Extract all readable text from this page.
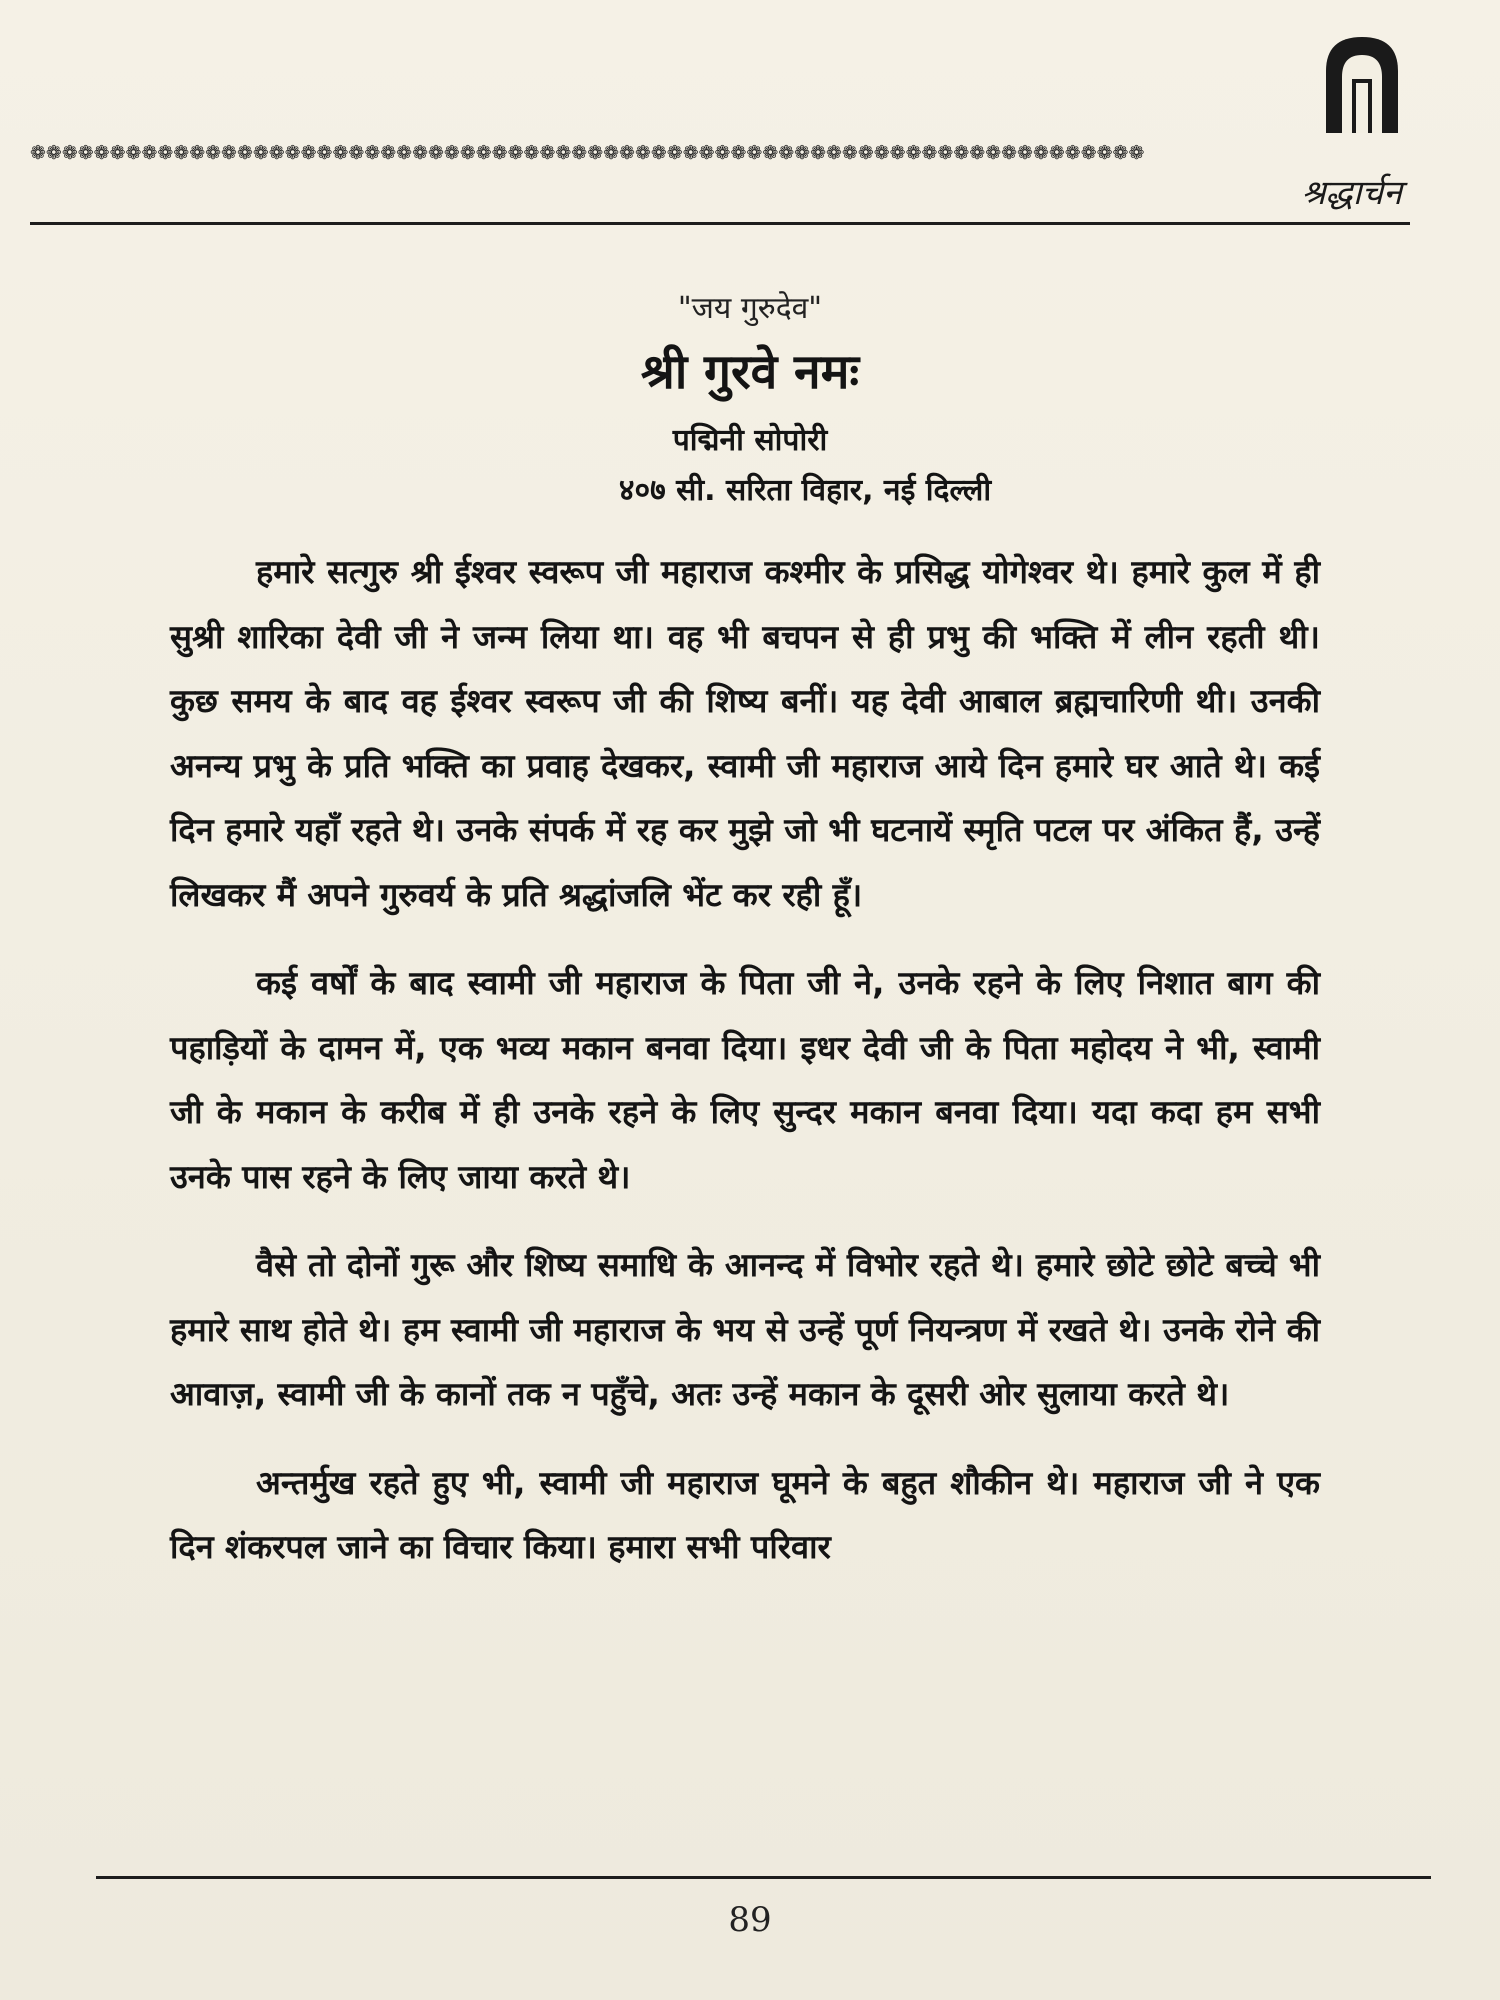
❁❁❁❁❁❁❁❁❁❁❁❁❁❁❁❁❁❁❁❁❁❁❁❁❁❁❁❁❁❁❁❁❁❁❁❁❁❁❁❁❁❁❁❁❁❁❁❁❁❁❁❁❁❁❁❁❁❁❁❁❁❁❁❁❁❁❁❁❁❁
श्रद्धार्चन
"जय गुरुदेव"
श्री गुरवे नमः
पद्मिनी सोपोरी
४०७ सी. सरिता विहार, नई दिल्ली

हमारे सत्गुरु श्री ईश्वर स्वरूप जी महाराज कश्मीर के प्रसिद्ध योगेश्वर थे। हमारे कुल में ही सुश्री शारिका देवी जी ने जन्म लिया था। वह भी बचपन से ही प्रभु की भक्ति में लीन रहती थी। कुछ समय के बाद वह ईश्वर स्वरूप जी की शिष्य बनीं। यह देवी आबाल ब्रह्मचारिणी थी। उनकी अनन्य प्रभु के प्रति भक्ति का प्रवाह देखकर, स्वामी जी महाराज आये दिन हमारे घर आते थे। कई दिन हमारे यहाँ रहते थे। उनके संपर्क में रह कर मुझे जो भी घटनायें स्मृति पटल पर अंकित हैं, उन्हें लिखकर मैं अपने गुरुवर्य के प्रति श्रद्धांजलि भेंट कर रही हूँ।

कई वर्षों के बाद स्वामी जी महाराज के पिता जी ने, उनके रहने के लिए निशात बाग की पहाड़ियों के दामन में, एक भव्य मकान बनवा दिया। इधर देवी जी के पिता महोदय ने भी, स्वामी जी के मकान के करीब में ही उनके रहने के लिए सुन्दर मकान बनवा दिया। यदा कदा हम सभी उनके पास रहने के लिए जाया करते थे।

वैसे तो दोनों गुरू और शिष्य समाधि के आनन्द में विभोर रहते थे। हमारे छोटे छोटे बच्चे भी हमारे साथ होते थे। हम स्वामी जी महाराज के भय से उन्हें पूर्ण नियन्त्रण में रखते थे। उनके रोने की आवाज़, स्वामी जी के कानों तक न पहुँचे, अतः उन्हें मकान के दूसरी ओर सुलाया करते थे।

अन्तर्मुख रहते हुए भी, स्वामी जी महाराज घूमने के बहुत शौकीन थे। महाराज जी ने एक दिन शंकरपल जाने का विचार किया। हमारा सभी परिवार

89
